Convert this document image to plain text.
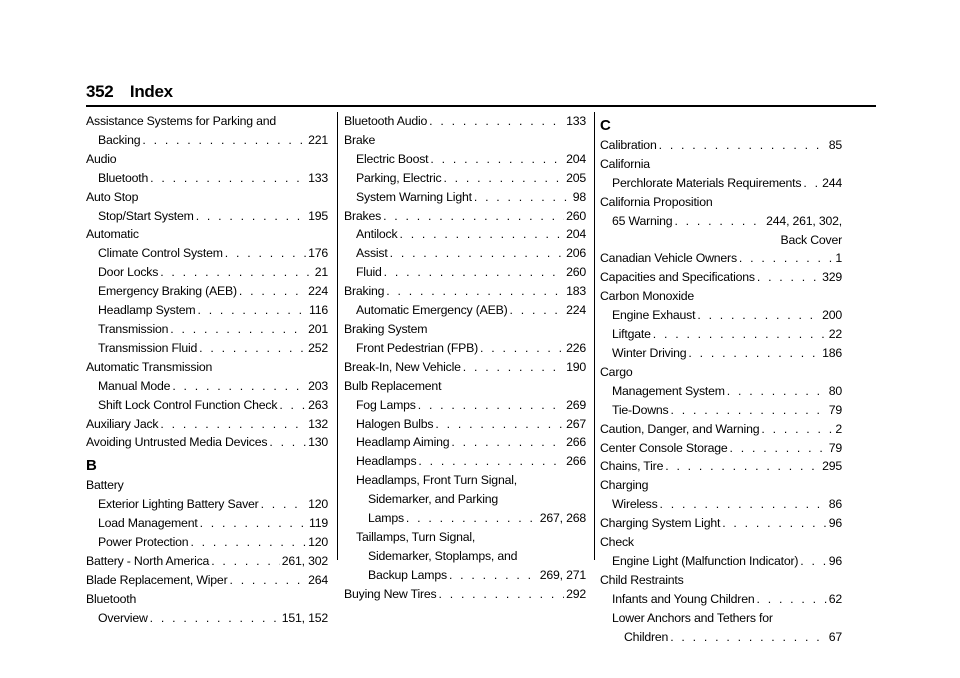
352 Index
Assistance Systems for Parking and
Backing . . .	221
Audio
Bluetooth . . .	133
Auto Stop
Stop/Start System . . .	195
Automatic
Climate Control System . . .	176
Door Locks . . .	21
Emergency Braking (AEB) . . .	224
Headlamp System . . .	116
Transmission . . .	201
Transmission Fluid . . .	252
Automatic Transmission
Manual Mode . . .	203
Shift Lock Control Function Check . . .	263
Auxiliary Jack . . .	132
Avoiding Untrusted Media Devices . . .	130
B
Battery
Exterior Lighting Battery Saver . . .	120
Load Management . . .	119
Power Protection . . .	120
Battery - North America . . .	261, 302
Blade Replacement, Wiper . . .	264
Bluetooth
Overview . . .	151, 152
Bluetooth Audio . . .	133
Brake
Electric Boost . . .	204
Parking, Electric . . .	205
System Warning Light . . .	98
Brakes . . .	260
Antilock . . .	204
Assist . . .	206
Fluid . . .	260
Braking . . .	183
Automatic Emergency (AEB) . . .	224
Braking System
Front Pedestrian (FPB) . . .	226
Break-In, New Vehicle . . .	190
Bulb Replacement
Fog Lamps . . .	269
Halogen Bulbs . . .	267
Headlamp Aiming . . .	266
Headlamps . . .	266
Headlamps, Front Turn Signal,
Sidemarker, and Parking
Lamps . . .	267, 268
Taillamps, Turn Signal,
Sidemarker, Stoplamps, and
Backup Lamps . . .	269, 271
Buying New Tires . . .	292
C
Calibration . . .	85
California
Perchlorate Materials Requirements . . . 244
California Proposition
65 Warning . . .	244, 261, 302,
Back Cover
Canadian Vehicle Owners . . .	1
Capacities and Specifications . . .	329
Carbon Monoxide
Engine Exhaust . . .	200
Liftgate . . .	22
Winter Driving . . .	186
Cargo
Management System . . .	80
Tie-Downs . . .	79
Caution, Danger, and Warning . . .	2
Center Console Storage . . .	79
Chains, Tire . . .	295
Charging
Wireless . . .	86
Charging System Light . . .	96
Check
Engine Light (Malfunction Indicator) . . . 96
Child Restraints
Infants and Young Children . . .	62
Lower Anchors and Tethers for
Children . . .	67
